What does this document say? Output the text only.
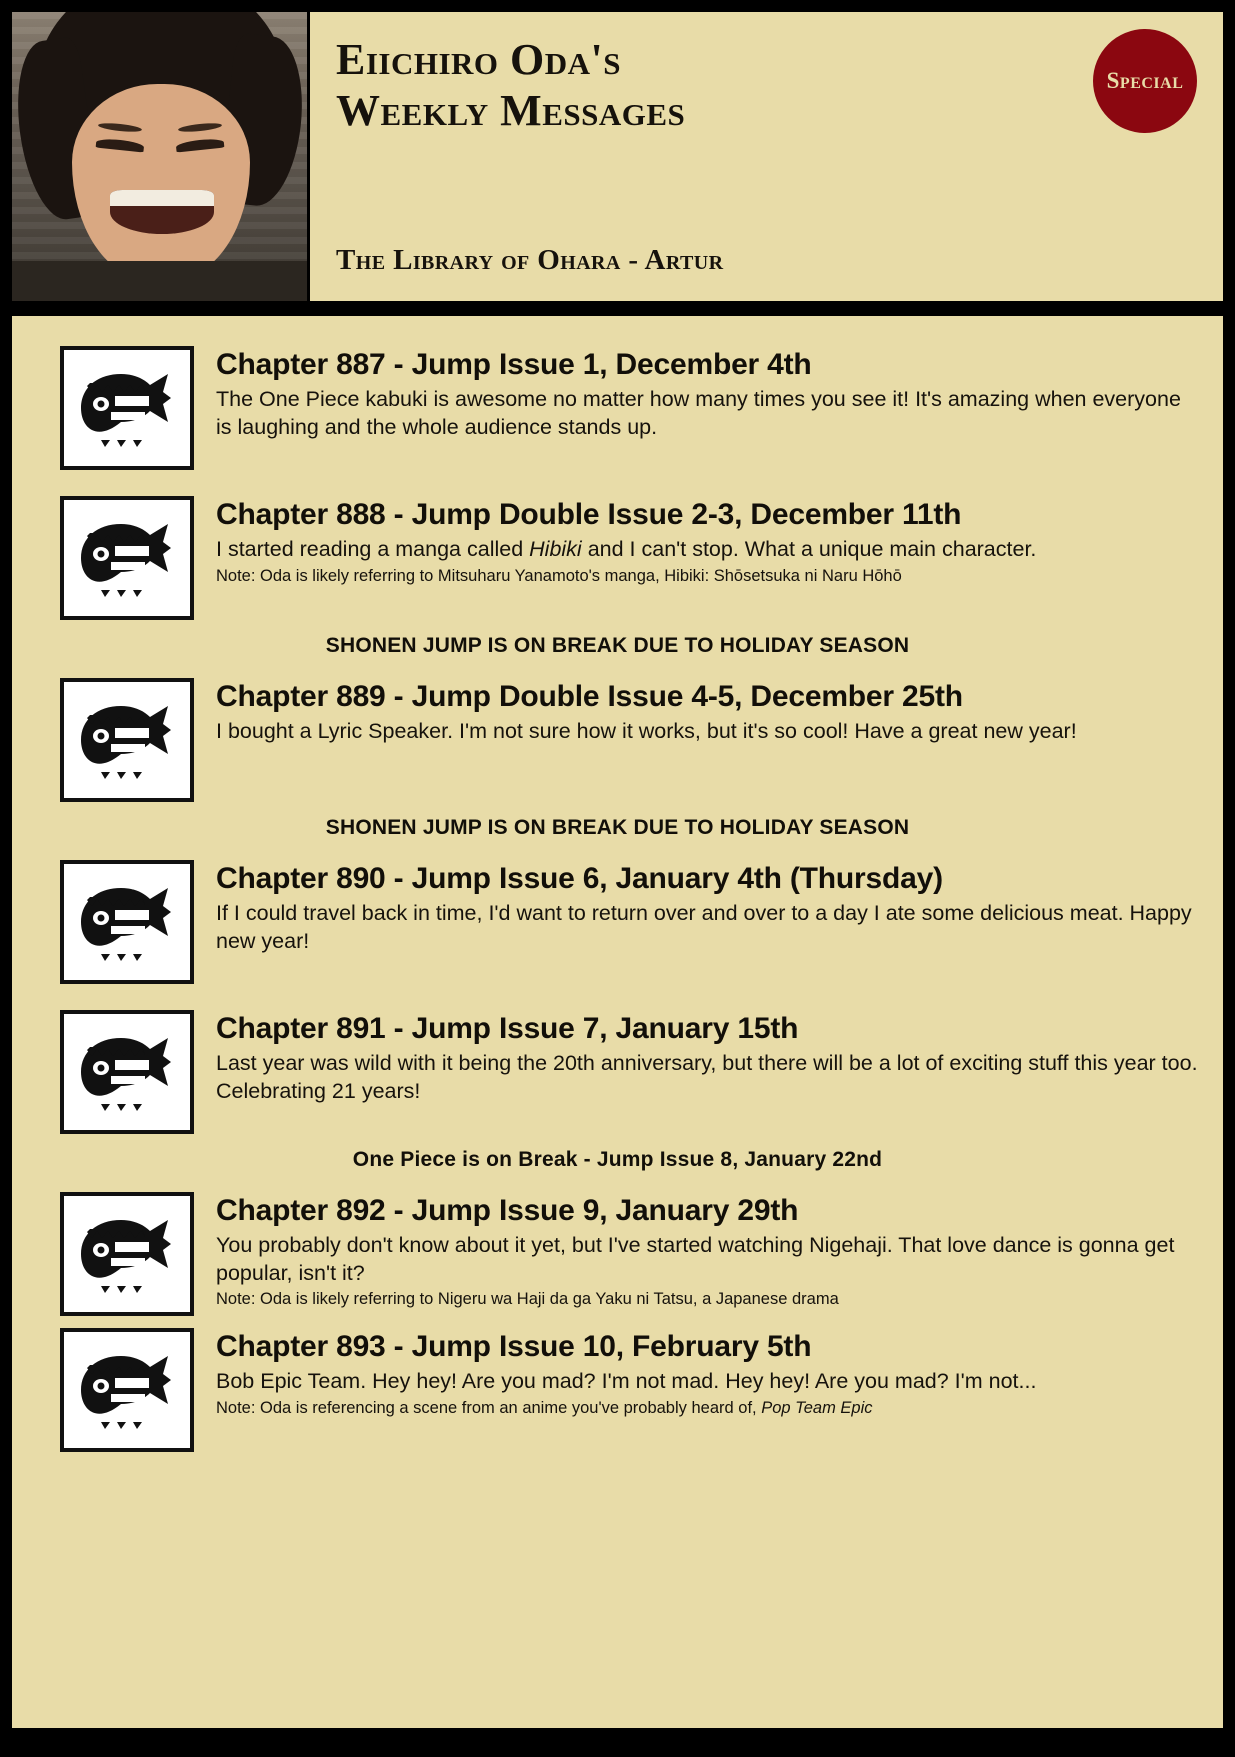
Eiichiro Oda's
Weekly Messages
The Library of Ohara - Artur
Special
Chapter 887 - Jump Issue 1, December 4th

The One Piece kabuki is awesome no matter how many times you see it! It's amazing when everyone is laughing and the whole audience stands up.

Chapter 888 - Jump Double Issue 2-3, December 11th

I started reading a manga called Hibiki and I can't stop. What a unique main character.

Note: Oda is likely referring to Mitsuharu Yanamoto's manga, Hibiki: Shōsetsuka ni Naru Hōhō

SHONEN JUMP IS ON BREAK DUE TO HOLIDAY SEASON
Chapter 889 - Jump Double Issue 4-5, December 25th

I bought a Lyric Speaker. I'm not sure how it works, but it's so cool! Have a great new year!

SHONEN JUMP IS ON BREAK DUE TO HOLIDAY SEASON
Chapter 890 - Jump Issue 6, January 4th (Thursday)

If I could travel back in time, I'd want to return over and over to a day I ate some delicious meat. Happy new year!

Chapter 891 - Jump Issue 7, January 15th

Last year was wild with it being the 20th anniversary, but there will be a lot of exciting stuff this year too. Celebrating 21 years!

One Piece is on Break - Jump Issue 8, January 22nd
Chapter 892 - Jump Issue 9, January 29th

You probably don't know about it yet, but I've started watching Nigehaji. That love dance is gonna get popular, isn't it?

Note: Oda is likely referring to Nigeru wa Haji da ga Yaku ni Tatsu, a Japanese drama

Chapter 893 - Jump Issue 10, February 5th

Bob Epic Team. Hey hey! Are you mad? I'm not mad. Hey hey! Are you mad? I'm not...

Note: Oda is referencing a scene from an anime you've probably heard of, Pop Team Epic
